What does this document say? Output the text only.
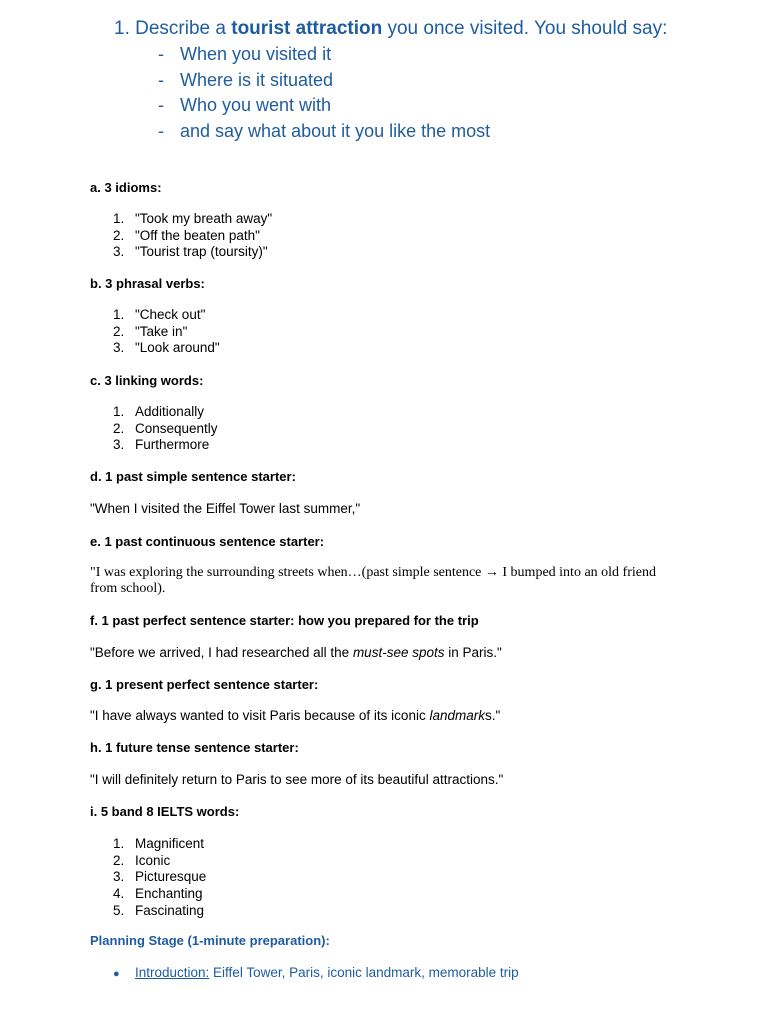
1. Describe a tourist attraction you once visited. You should say:
- When you visited it
- Where is it situated
- Who you went with
- and say what about it you like the most
a. 3 idioms:
1. "Took my breath away"
2. "Off the beaten path"
3. "Tourist trap (toursity)"
b. 3 phrasal verbs:
1. "Check out"
2. "Take in"
3. "Look around"
c. 3 linking words:
1. Additionally
2. Consequently
3. Furthermore
d. 1 past simple sentence starter:
"When I visited the Eiffel Tower last summer,"
e. 1 past continuous sentence starter:
"I was exploring the surrounding streets when…(past simple sentence → I bumped into an old friend from school).
f. 1 past perfect sentence starter: how you prepared for the trip
"Before we arrived, I had researched all the must-see spots in Paris."
g. 1 present perfect sentence starter:
"I have always wanted to visit Paris because of its iconic landmarks."
h. 1 future tense sentence starter:
"I will definitely return to Paris to see more of its beautiful attractions."
i. 5 band 8 IELTS words:
1. Magnificent
2. Iconic
3. Picturesque
4. Enchanting
5. Fascinating
Planning Stage (1-minute preparation):
● Introduction: Eiffel Tower, Paris, iconic landmark, memorable trip
